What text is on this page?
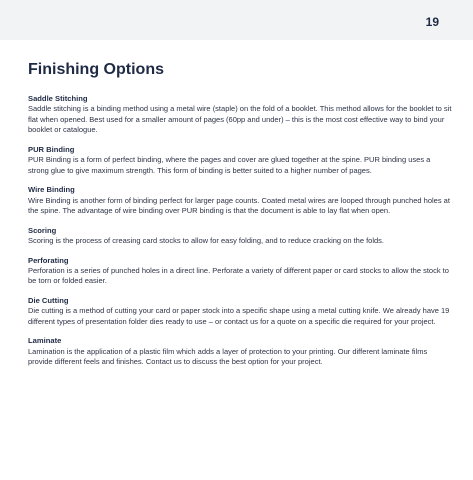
19
Finishing Options
Saddle Stitching

Saddle stitching is a binding method using a metal wire (staple) on the fold of a booklet. This method allows for the booklet to sit flat when opened. Best used for a smaller amount of pages (60pp and under) – this is the most cost effective way to bind your booklet or catalogue.

PUR Binding

PUR Binding is a form of perfect binding, where the pages and cover are glued together at the spine. PUR binding uses a strong glue to give maximum strength. This form of binding is better suited to a higher number of pages.

Wire Binding

Wire Binding is another form of binding perfect for larger page counts. Coated metal wires are looped through punched holes at the spine. The advantage of wire binding over PUR binding is that the document is able to lay flat when open.

Scoring

Scoring is the process of creasing card stocks to allow for easy folding, and to reduce cracking on the folds.

Perforating

Perforation is a series of punched holes in a direct line. Perforate a variety of different paper or card stocks to allow the stock to be torn or folded easier.

Die Cutting

Die cutting is a method of cutting your card or paper stock into a specific shape using a metal cutting knife. We already have 19 different types of presentation folder dies ready to use – or contact us for a quote on a specific die required for your project.

Laminate

Lamination is the application of a plastic film which adds a layer of protection to your printing. Our different laminate films provide different feels and finishes. Contact us to discuss the best option for your project.
